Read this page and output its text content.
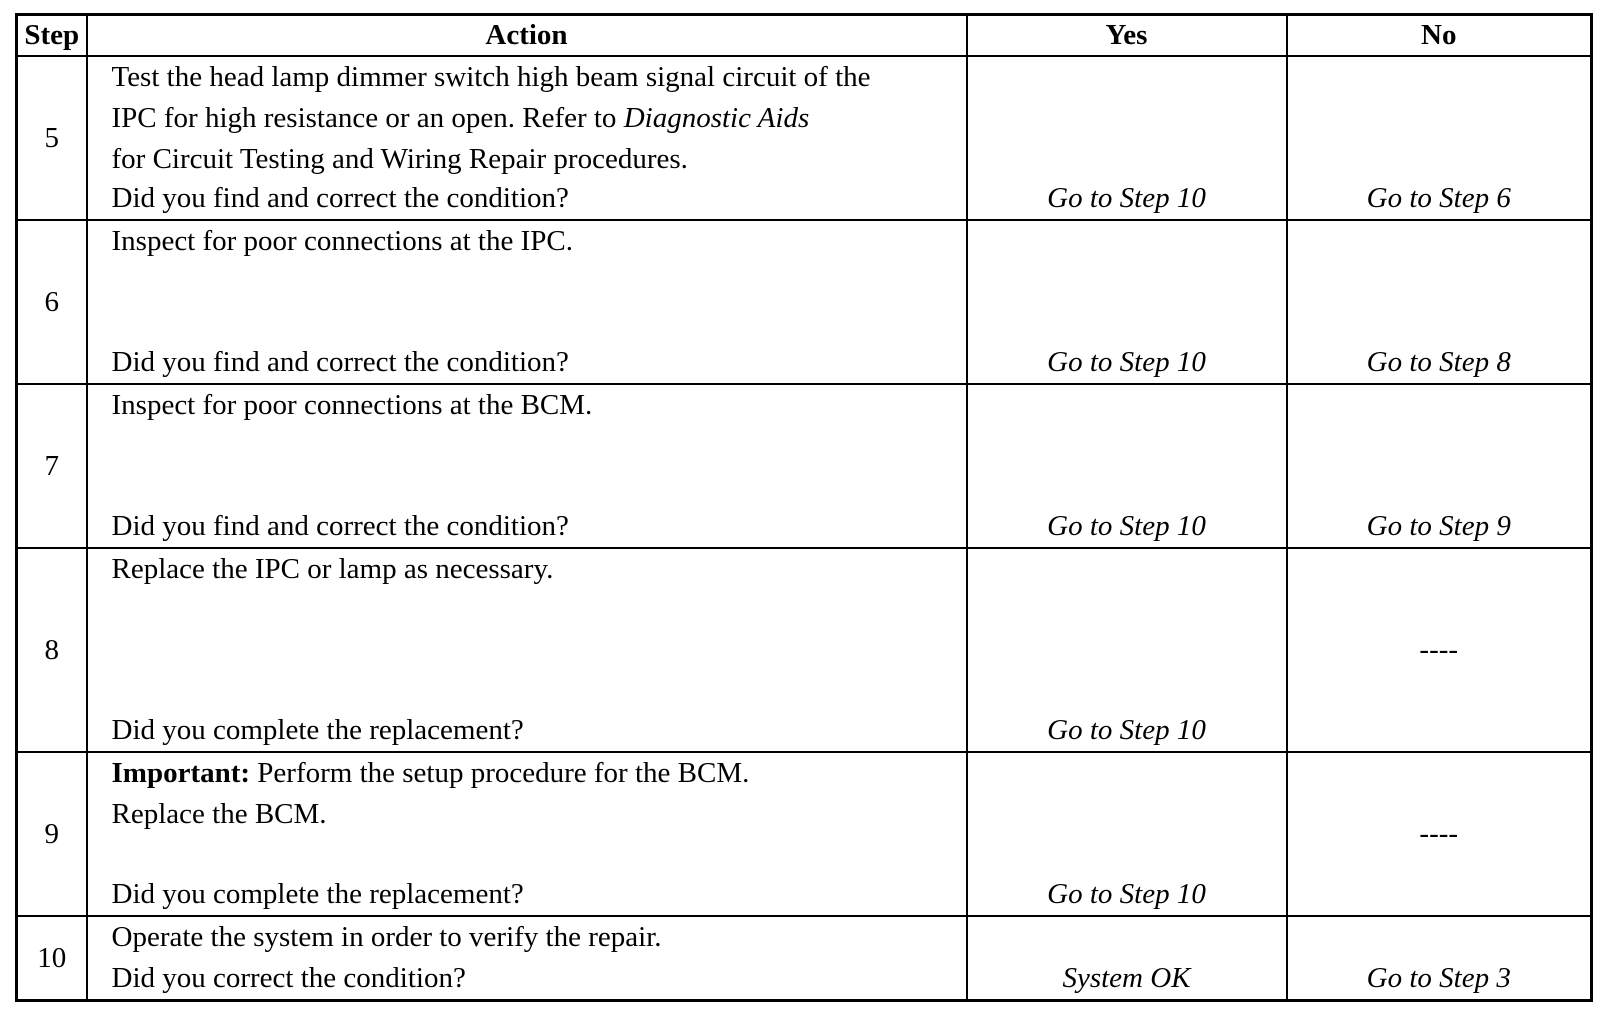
Step	Action	Yes	No
5	Test the head lamp dimmer switch high beam signal circuit of the
IPC for high resistance or an open. Refer to Diagnostic Aids
for Circuit Testing and Wiring Repair procedures.
Did you find and correct the condition?	Go to Step 10	Go to Step 6

6	Inspect for poor connections at the IPC.
Did you find and correct the condition?	Go to Step 10	Go to Step 8

7	Inspect for poor connections at the BCM.
Did you find and correct the condition?	Go to Step 10	Go to Step 9

8	Replace the IPC or lamp as necessary.
Did you complete the replacement?	Go to Step 10	----

9	Important: Perform the setup procedure for the BCM.
Replace the BCM.
Did you complete the replacement?	Go to Step 10	----

10	Operate the system in order to verify the repair.
Did you correct the condition?	System OK	Go to Step 3
